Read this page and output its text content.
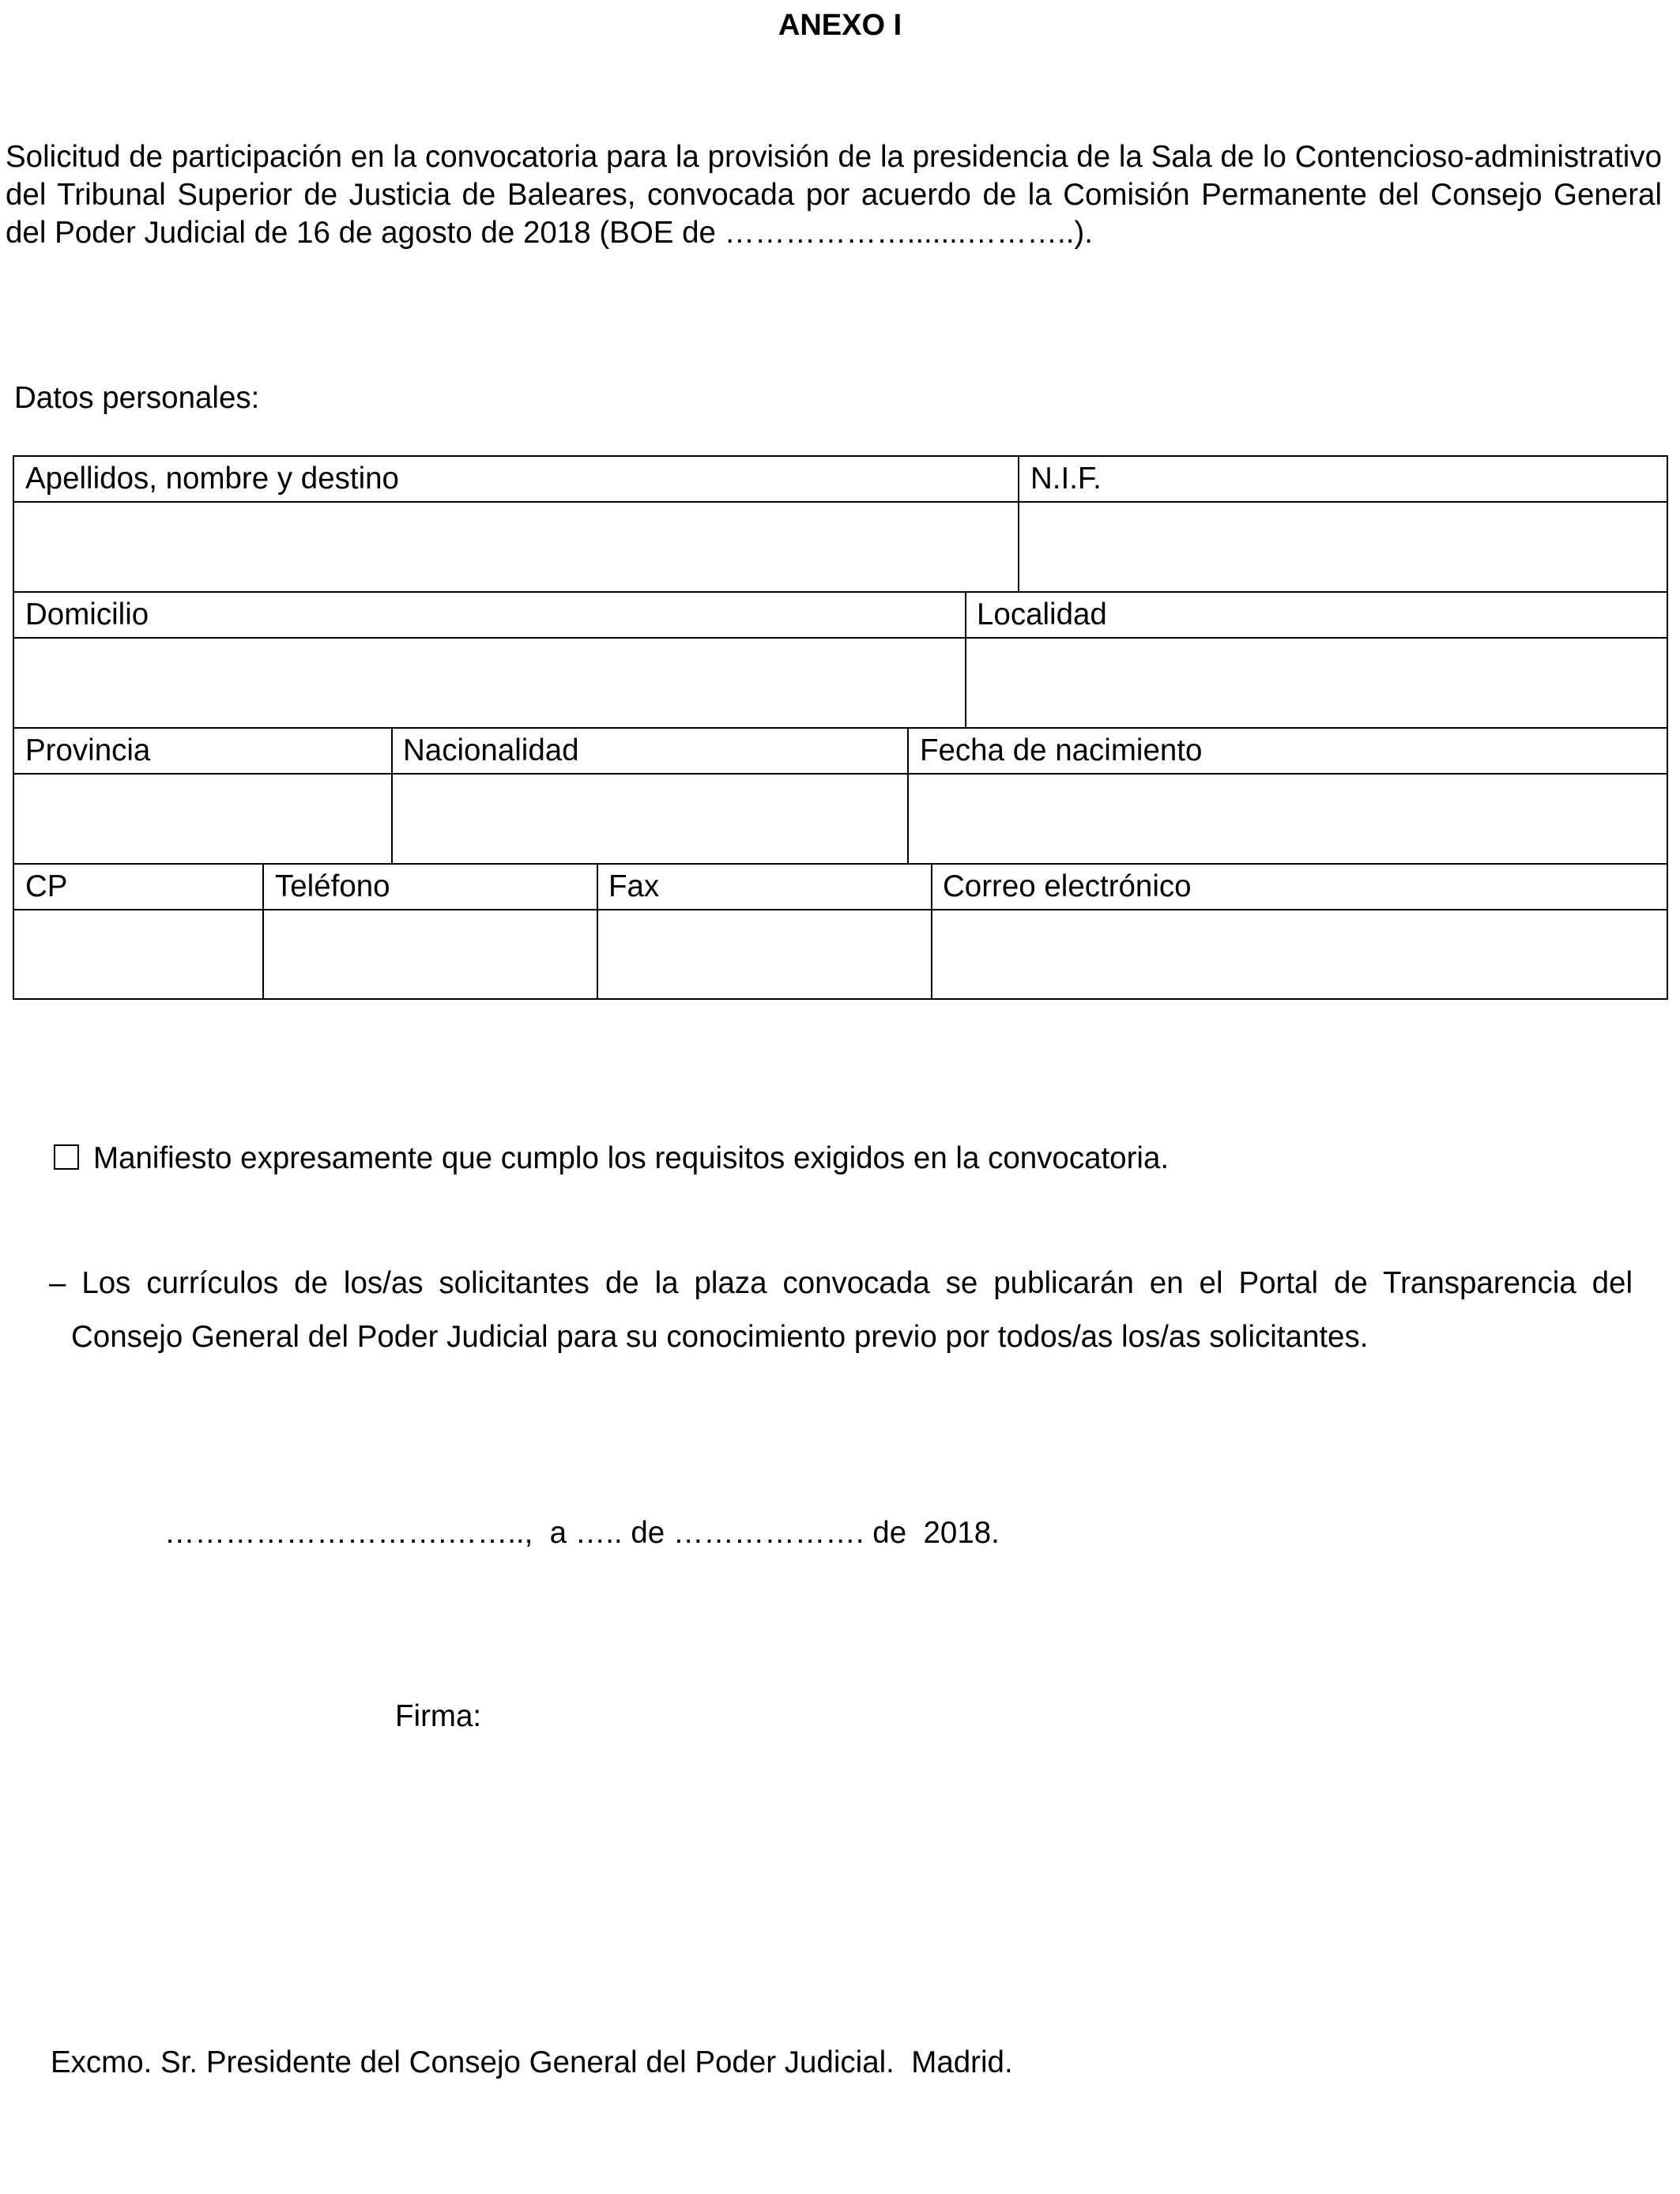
ANEXO I

Solicitud de participación en la convocatoria para la provisión de la presidencia de la Sala de lo Contencioso-administrativo del Tribunal Superior de Justicia de Baleares, convocada por acuerdo de la Comisión Permanente del Consejo General del Poder Judicial de 16 de agosto de 2018 (BOE de ……………….......………..).

Datos personales:

Apellidos, nombre y destino	N.I.F.
Domicilio	Localidad
Provincia	Nacionalidad	Fecha de nacimiento
CP	Teléfono	Fax	Correo electrónico
Manifiesto expresamente que cumplo los requisitos exigidos en la convocatoria.

– Los currículos de los/as solicitantes de la plaza convocada se publicarán en el Portal de Transparencia del
Consejo General del Poder Judicial para su conocimiento previo por todos/as los/as solicitantes.

……………………….……..,  a ….. de ………………. de  2018.

Firma:

Excmo. Sr. Presidente del Consejo General del Poder Judicial.  Madrid.
